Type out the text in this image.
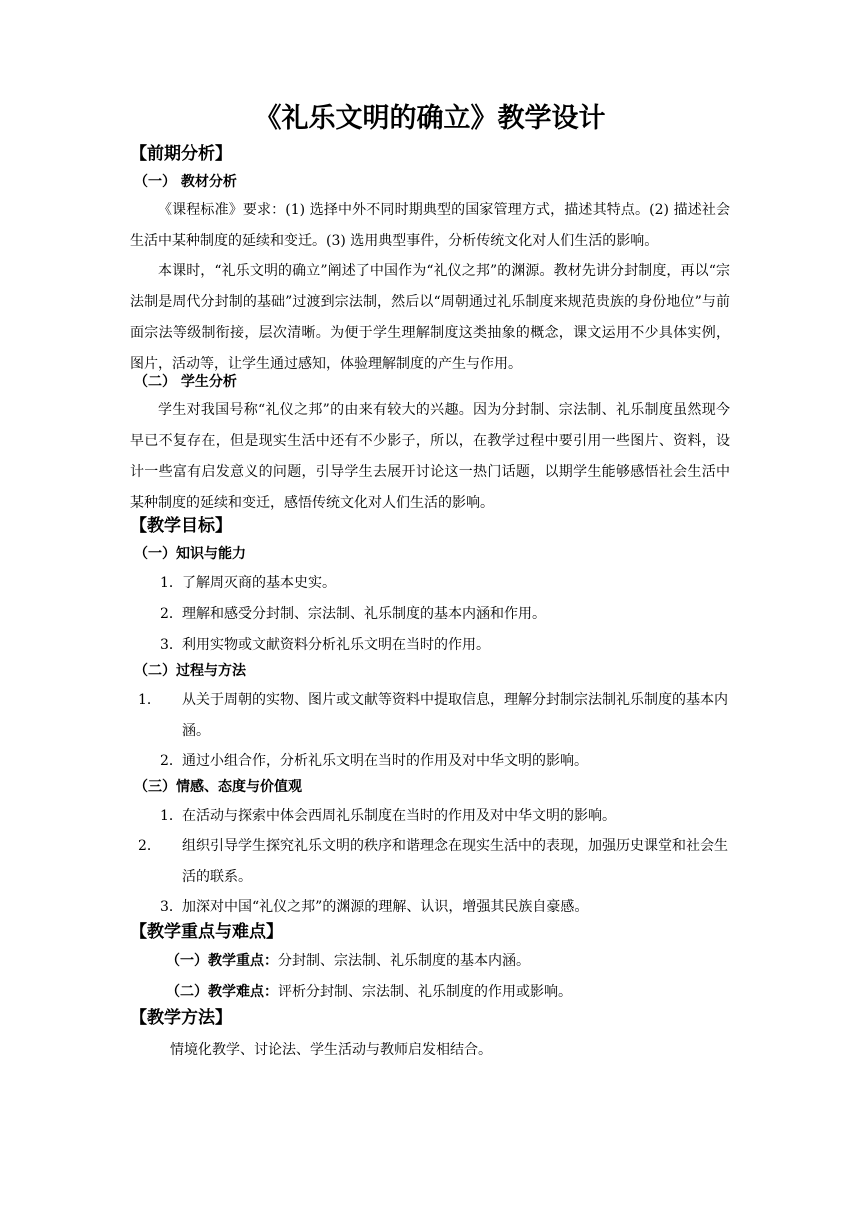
《礼乐文明的确立》教学设计
【前期分析】
（一） 教材分析
《课程标准》要求：(1) 选择中外不同时期典型的国家管理方式，描述其特点。(2) 描述社会生活中某种制度的延续和变迁。(3) 选用典型事件，分析传统文化对人们生活的影响。
本课时，“礼乐文明的确立”阐述了中国作为“礼仪之邦”的渊源。教材先讲分封制度，再以“宗法制是周代分封制的基础”过渡到宗法制，然后以“周朝通过礼乐制度来规范贵族的身份地位”与前面宗法等级制衔接，层次清晰。为便于学生理解制度这类抽象的概念，课文运用不少具体实例，图片，活动等，让学生通过感知，体验理解制度的产生与作用。
（二） 学生分析
学生对我国号称“礼仪之邦”的由来有较大的兴趣。因为分封制、宗法制、礼乐制度虽然现今早已不复存在，但是现实生活中还有不少影子，所以，在教学过程中要引用一些图片、资料，设计一些富有启发意义的问题，引导学生去展开讨论这一热门话题，以期学生能够感悟社会生活中某种制度的延续和变迁，感悟传统文化对人们生活的影响。
【教学目标】
（一）知识与能力
1．了解周灭商的基本史实。
2．理解和感受分封制、宗法制、礼乐制度的基本内涵和作用。
3．利用实物或文献资料分析礼乐文明在当时的作用。
（二）过程与方法
1． 从关于周朝的实物、图片或文献等资料中提取信息，理解分封制宗法制礼乐制度的基本内涵。
2．通过小组合作，分析礼乐文明在当时的作用及对中华文明的影响。
（三）情感、态度与价值观
1．在活动与探索中体会西周礼乐制度在当时的作用及对中华文明的影响。
2． 组织引导学生探究礼乐文明的秩序和谐理念在现实生活中的表现，加强历史课堂和社会生活的联系。
3．加深对中国“礼仪之邦”的渊源的理解、认识，增强其民族自豪感。
【教学重点与难点】
（一）教学重点：分封制、宗法制、礼乐制度的基本内涵。
（二）教学难点：评析分封制、宗法制、礼乐制度的作用或影响。
【教学方法】
情境化教学、讨论法、学生活动与教师启发相结合。
